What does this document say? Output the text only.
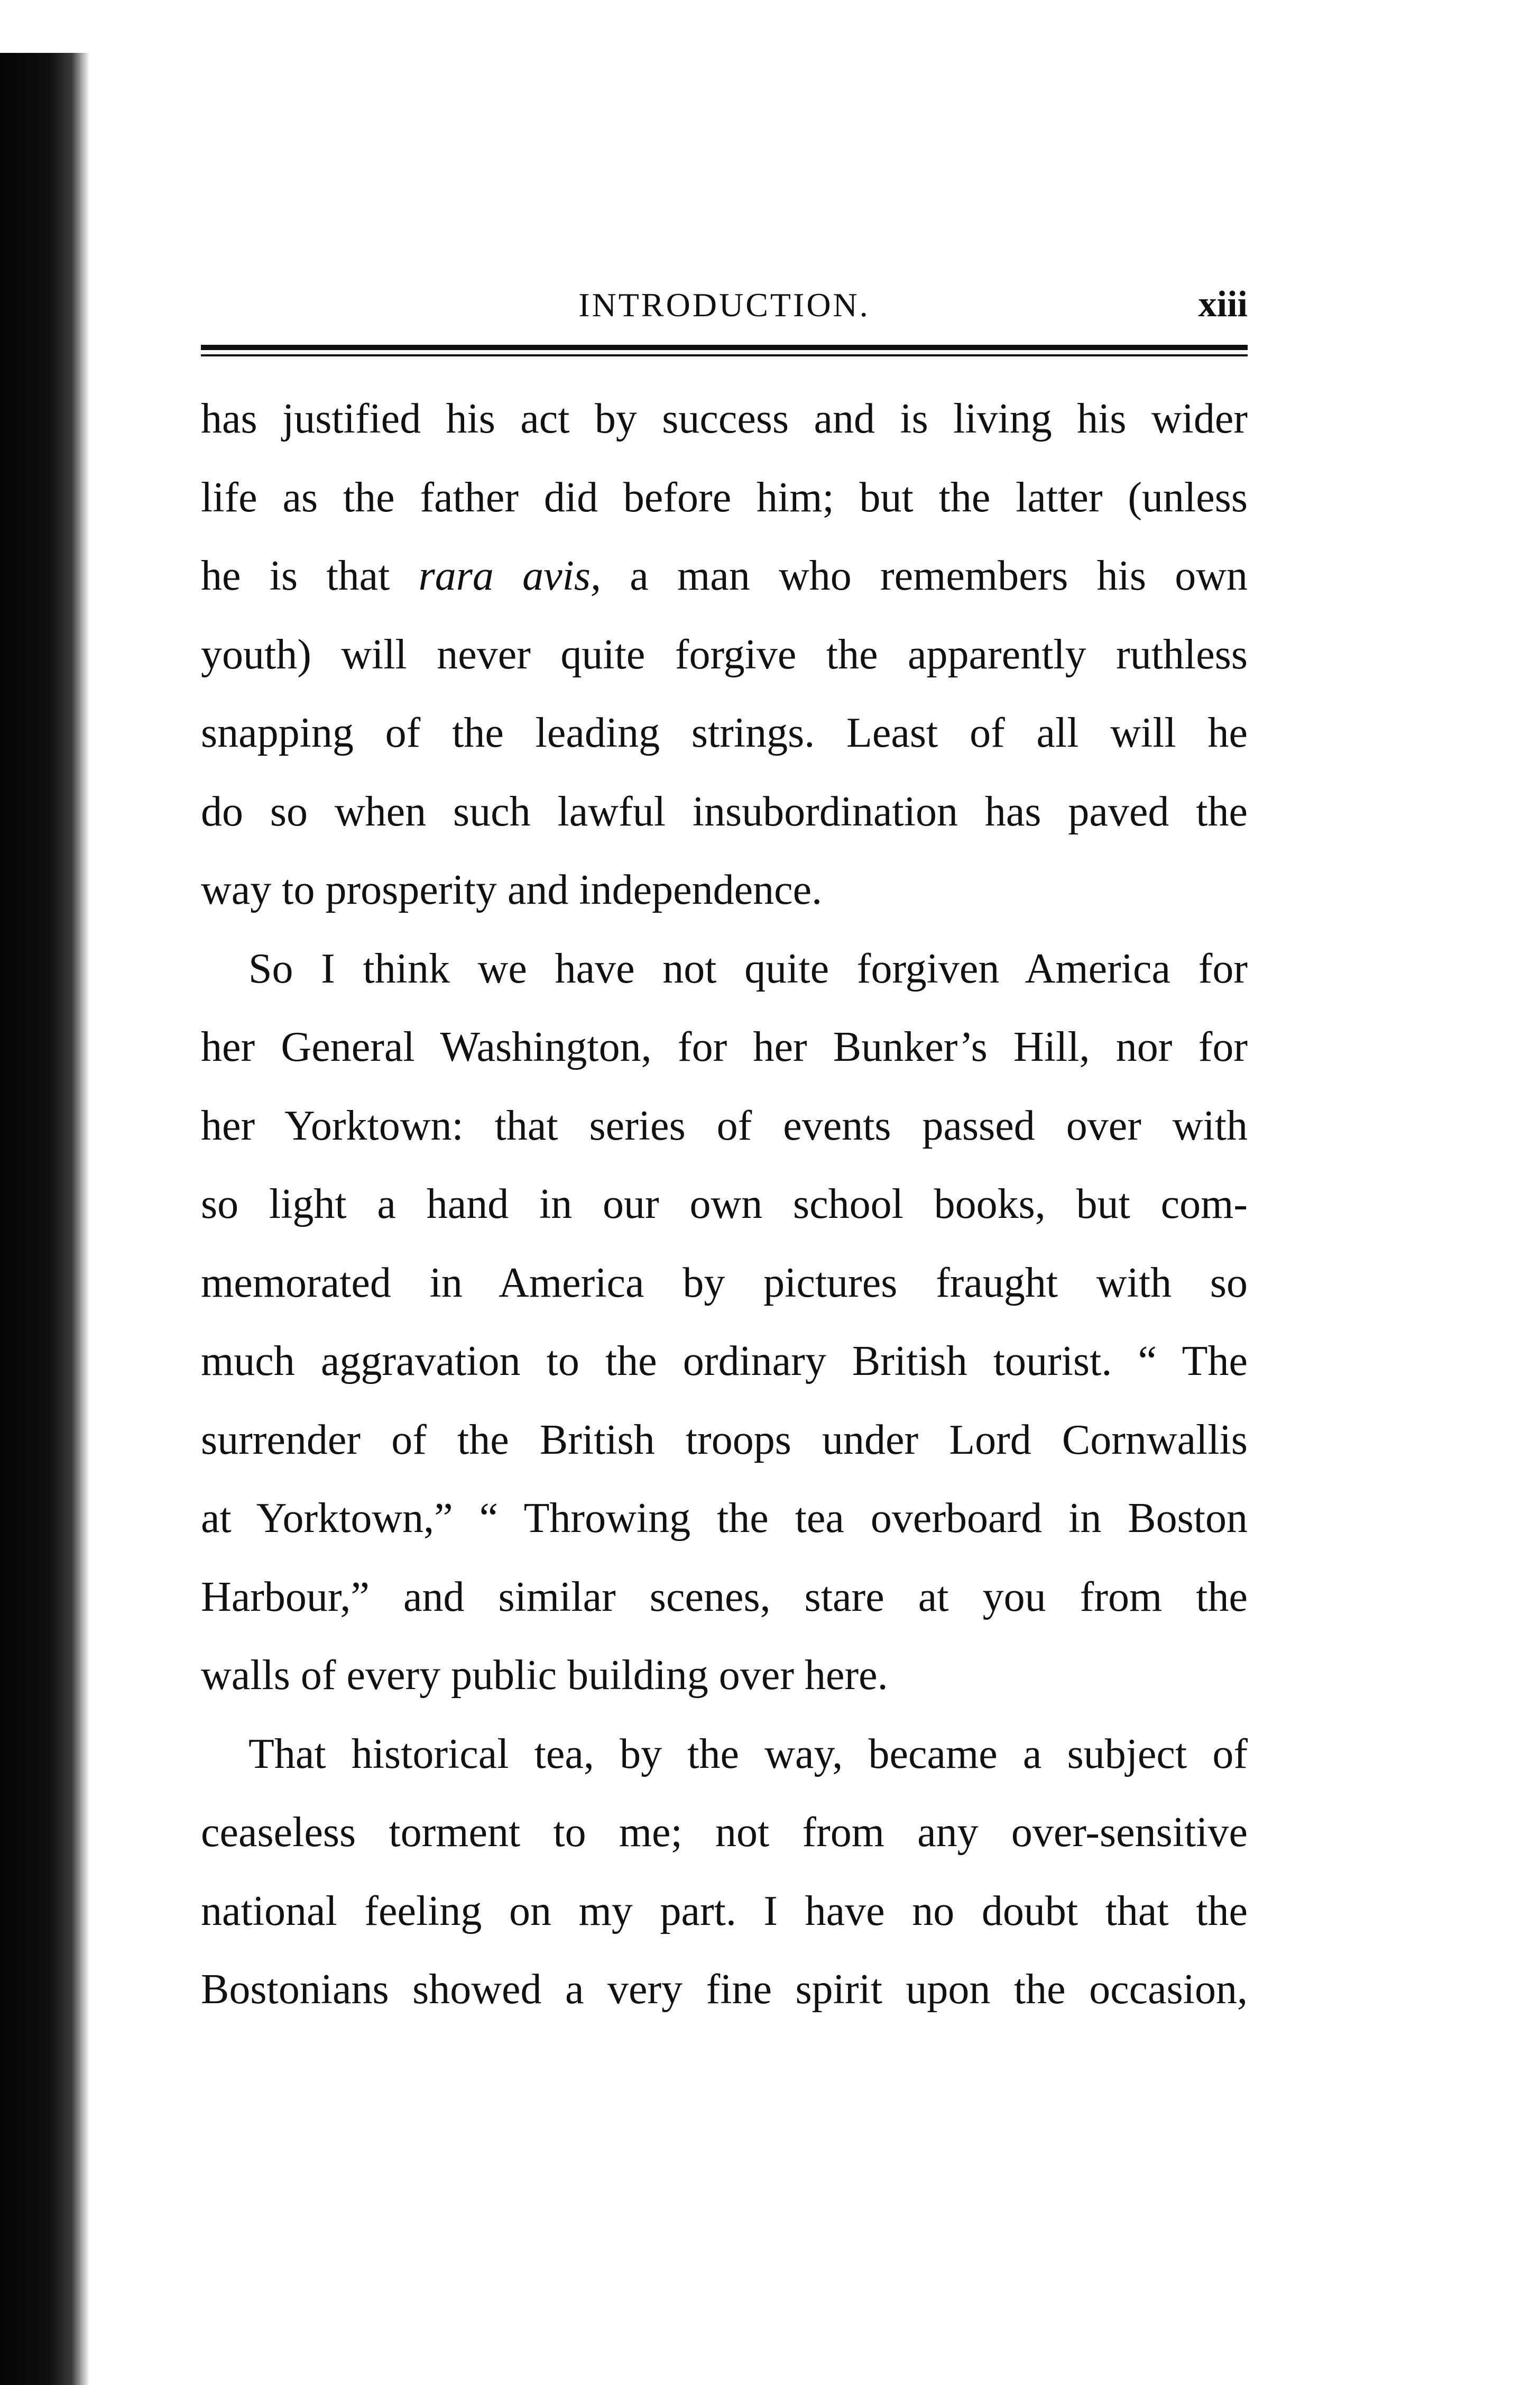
INTRODUCTION.	xiii
has justified his act by success and is living his wider
life as the father did before him; but the latter (unless
he is that rara avis, a man who remembers his own
youth) will never quite forgive the apparently ruthless
snapping of the leading strings. Least of all will he
do so when such lawful insubordination has paved the
way to prosperity and independence.
So I think we have not quite forgiven America for
her General Washington, for her Bunker’s Hill, nor for
her Yorktown: that series of events passed over with
so light a hand in our own school books, but com-
memorated in America by pictures fraught with so
much aggravation to the ordinary British tourist. “ The
surrender of the British troops under Lord Cornwallis
at Yorktown,” “ Throwing the tea overboard in Boston
Harbour,” and similar scenes, stare at you from the
walls of every public building over here.
That historical tea, by the way, became a subject of
ceaseless torment to me; not from any over-sensitive
national feeling on my part. I have no doubt that the
Bostonians showed a very fine spirit upon the occasion,
